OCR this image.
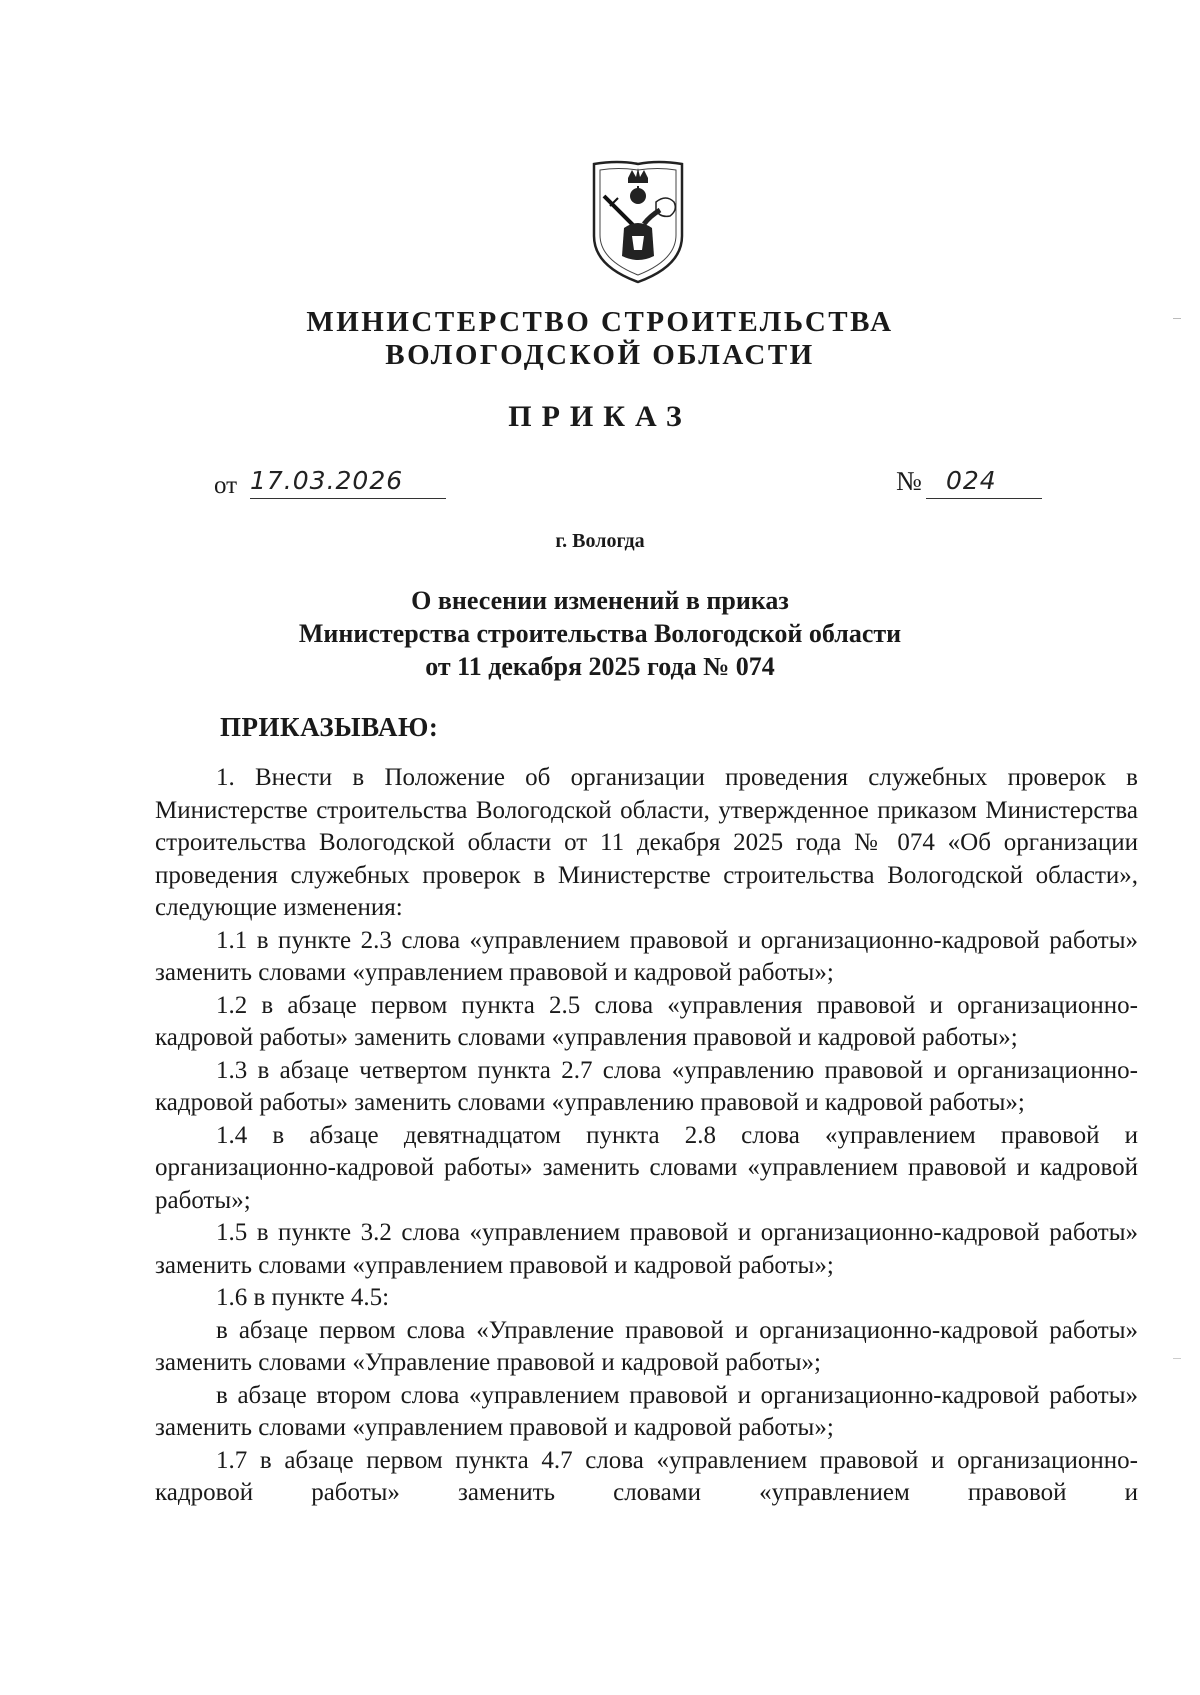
МИНИСТЕРСТВО СТРОИТЕЛЬСТВА
ВОЛОГОДСКОЙ ОБЛАСТИ
ПРИКАЗ
от 17.03.2026	№ 024
г. Вологда
О внесении изменений в приказ
Министерства строительства Вологодской области
от 11 декабря 2025 года № 074
ПРИКАЗЫВАЮ:

1. Внести в Положение об организации проведения служебных проверок в Министерстве строительства Вологодской области, утвержденное приказом Министерства строительства Вологодской области от 11 декабря 2025 года № 074 «Об организации проведения служебных проверок в Министерстве строительства Вологодской области», следующие изменения:

1.1 в пункте 2.3 слова «управлением правовой и организационно-кадровой работы» заменить словами «управлением правовой и кадровой работы»;

1.2 в абзаце первом пункта 2.5 слова «управления правовой и организационно-кадровой работы» заменить словами «управления правовой и кадровой работы»;

1.3 в абзаце четвертом пункта 2.7 слова «управлению правовой и организационно-кадровой работы» заменить словами «управлению правовой и кадровой работы»;

1.4 в абзаце девятнадцатом пункта 2.8 слова «управлением правовой и организационно-кадровой работы» заменить словами «управлением правовой и кадровой работы»;

1.5 в пункте 3.2 слова «управлением правовой и организационно-кадровой работы» заменить словами «управлением правовой и кадровой работы»;

1.6 в пункте 4.5:

в абзаце первом слова «Управление правовой и организационно-кадровой работы» заменить словами «Управление правовой и кадровой работы»;

в абзаце втором слова «управлением правовой и организационно-кадровой работы» заменить словами «управлением правовой и кадровой работы»;

1.7 в абзаце первом пункта 4.7 слова «управлением правовой и организационно-кадровой работы» заменить словами «управлением правовой и
